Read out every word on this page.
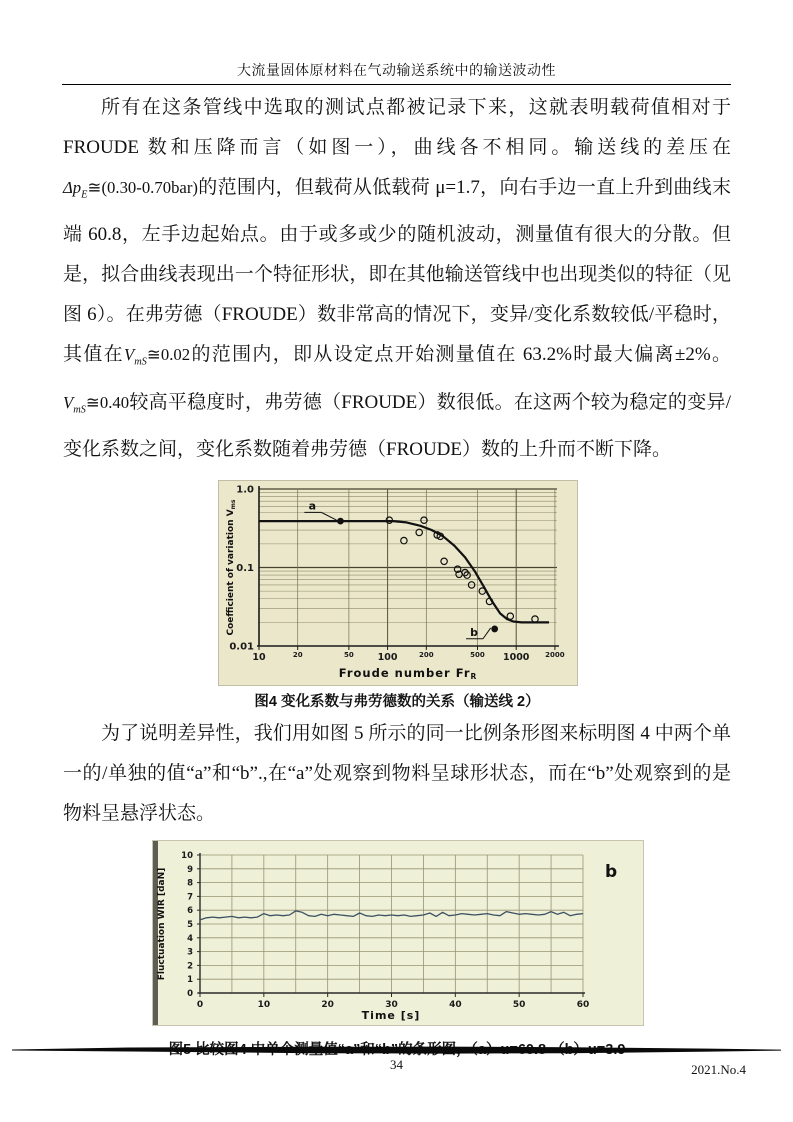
大流量固体原材料在气动输送系统中的输送波动性

所有在这条管线中选取的测试点都被记录下来，这就表明载荷值相对于 FROUDE 数和压降而言（如图一），曲线各不相同。输送线的差压在$\Delta p_E≅(0.30-0.70bar)$的范围内，但载荷从低载荷 μ=1.7，向右手边一直上升到曲线末端 60.8，左手边起始点。由于或多或少的随机波动，测量值有很大的分散。但是，拟合曲线表现出一个特征形状，即在其他输送管线中也出现类似的特征（见图 6）。在弗劳德（FROUDE）数非常高的情况下，变异/变化系数较低/平稳时，其值在$V_{mS}≅0.02$的范围内，即从设定点开始测量值在 63.2%时最大偏离±2%。$V_{mS}≅0.40$较高平稳度时，弗劳德（FROUDE）数很低。在这两个较为稳定的变异/变化系数之间，变化系数随着弗劳德（FROUDE）数的上升而不断下降。

10	20	50	100	200	500 1000 2000
1.0
0.1
0.01
a
b
Froude number FrR
Coefficient of variation $V_{ms}$
图4 变化系数与弗劳德数的关系（输送线 2）

为了说明差异性，我们用如图 5 所示的同一比例条形图来标明图 4 中两个单一的/单独的值“a”和“b”.,在“a”处观察到物料呈球形状态，而在“b”处观察到的是物料呈悬浮状态。

0
1
2
3
4
5
6
7
8
9
10
0	10	20	30	40	50	60
b
Time [s]
Fluctuation WIR [daN]
34	2021.No.4
